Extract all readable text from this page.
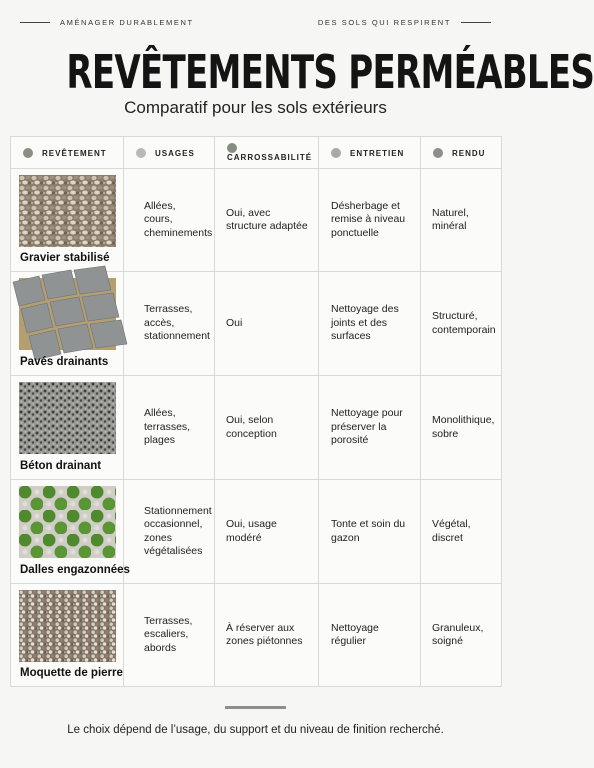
AMÉNAGER DURABLEMENT	DES SOLS QUI RESPIRENT
REVÊTEMENTS PERMÉABLES
Comparatif pour les sols extérieurs
REVÊTEMENT	USAGES	CARROSSABILITÉ	ENTRETIEN	RENDU

Gravier stabilisé	Allées, cours, cheminements	Oui, avec structure adaptée	Désherbage et remise à niveau ponctuelle	Naturel, minéral

Pavés drainants	Terrasses, accès, stationnement	Oui	Nettoyage des joints et des surfaces	Structuré, contemporain

Béton drainant	Allées, terrasses, plages	Oui, selon conception	Nettoyage pour préserver la porosité	Monolithique, sobre

Dalles engazonnées	Stationnement occasionnel, zones végétalisées	Oui, usage modéré	Tonte et soin du gazon	Végétal, discret

Moquette de pierre	Terrasses, escaliers, abords	À réserver aux zones piétonnes	Nettoyage régulier	Granuleux, soigné
Le choix dépend de l’usage, du support et du niveau de finition recherché.
